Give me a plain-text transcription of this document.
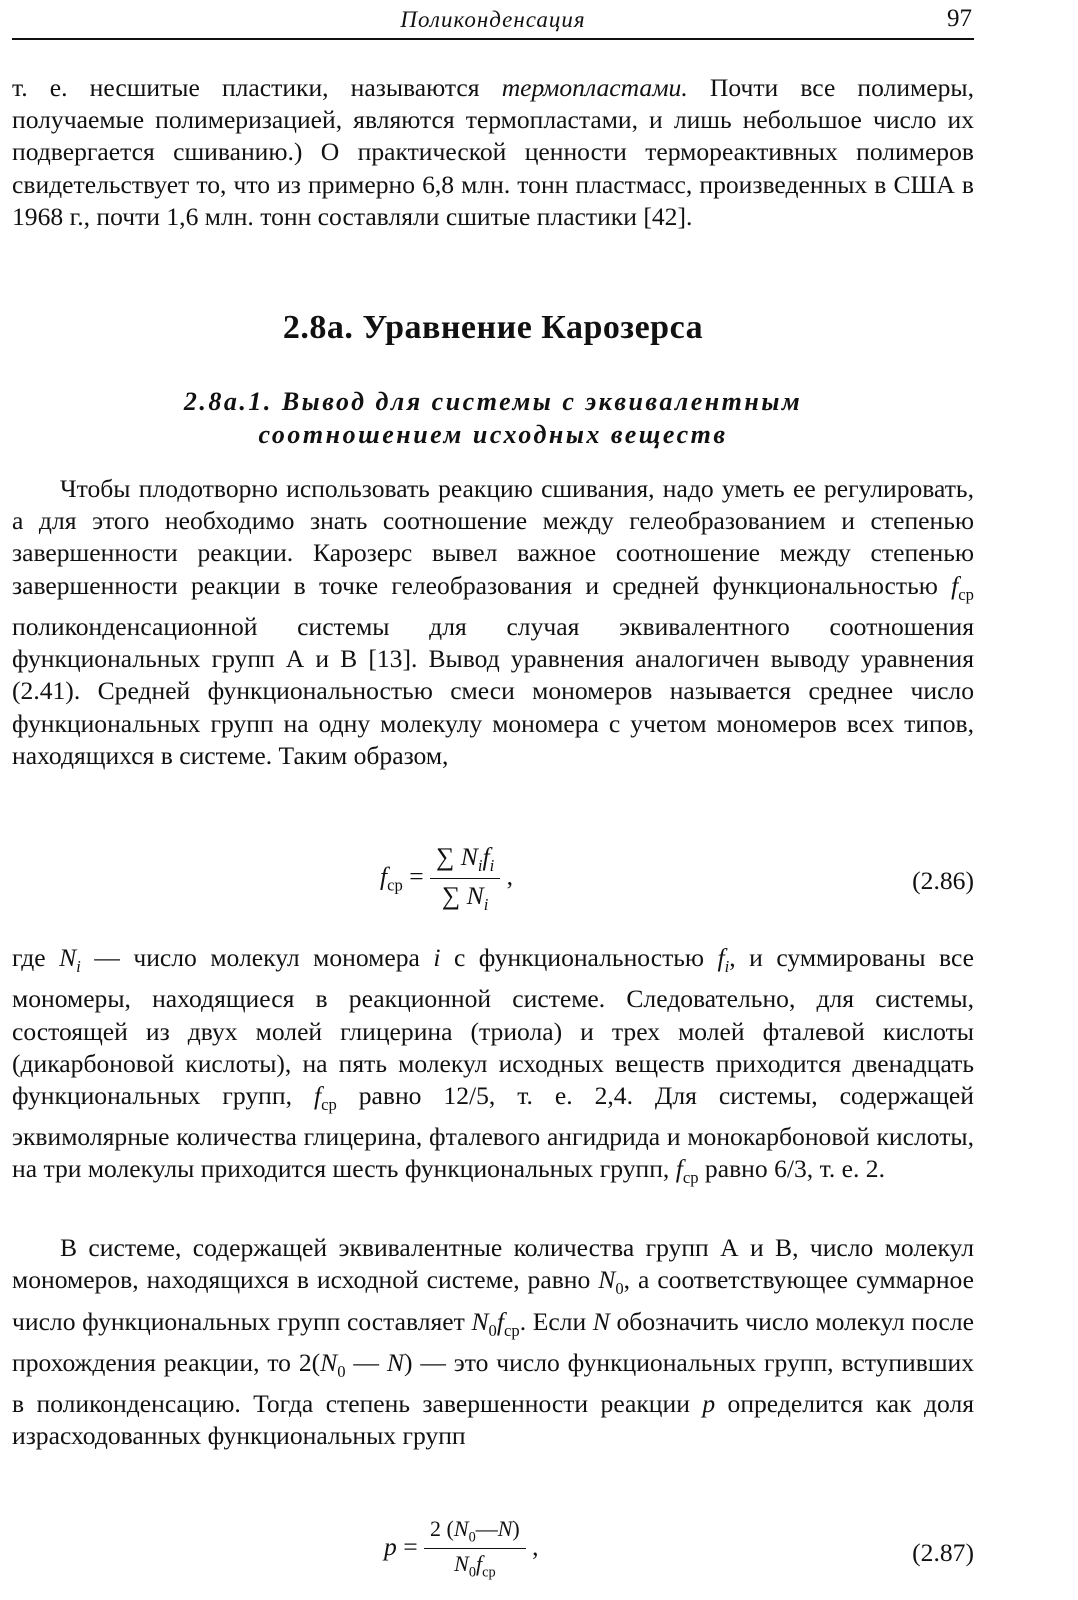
Поликонденсация	97

т. е. несшитые пластики, называются термопластами. Почти все полимеры, получаемые полимеризацией, являются термопластами, и лишь небольшое число их подвергается сшиванию.) О практической ценности термореактивных полимеров свидетельствует то, что из примерно 6,8 млн. тонн пластмасс, произведенных в США в 1968 г., почти 1,6 млн. тонн составляли сшитые пластики [42].

2.8а. Уравнение Карозерса
2.8а.1. Вывод для системы с эквивалентным
соотношением исходных веществ

Чтобы плодотворно использовать реакцию сшивания, надо уметь ее регулировать, а для этого необходимо знать соотношение между гелеобразованием и степенью завершенности реакции. Карозерс вывел важное соотношение между степенью завершенности реакции в точке гелеобразования и средней функциональностью $f_{ср}$ поликонденсационной системы для случая эквивалентного соотношения функциональных групп А и В [13]. Вывод уравнения аналогичен выводу уравнения (2.41). Средней функциональностью смеси мономеров называется среднее число функциональных групп на одну молекулу мономера с учетом мономеров всех типов, находящихся в системе. Таким образом,

$f_{ср} = \frac{\sum N_if_i}{\sum N_i}$ ,	(2.86)

где $N_i$ — число молекул мономера i с функциональностью $f_i$, и суммированы все мономеры, находящиеся в реакционной системе. Следовательно, для системы, состоящей из двух молей глицерина (триола) и трех молей фталевой кислоты (дикарбоновой кислоты), на пять молекул исходных веществ приходится двенадцать функциональных групп, $f_{ср}$ равно 12/5, т. е. 2,4. Для системы, содержащей эквимолярные количества глицерина, фталевого ангидрида и монокарбоновой кислоты, на три молекулы приходится шесть функциональных групп, $f_{ср}$ равно 6/3, т. е. 2.

В системе, содержащей эквивалентные количества групп А и В, число молекул мономеров, находящихся в исходной системе, равно $N_0$, а соответствующее суммарное число функциональных групп составляет $N_0f_{ср}$. Если N обозначить число молекул после прохождения реакции, то $2(N_0$ — N) — это число функциональных групп, вступивших в поликонденсацию. Тогда степень завершенности реакции p определится как доля израсходованных функциональных групп

$p = \frac{2 (N_0—N)}{N_0f_{ср}}$ ,	(2.87)
